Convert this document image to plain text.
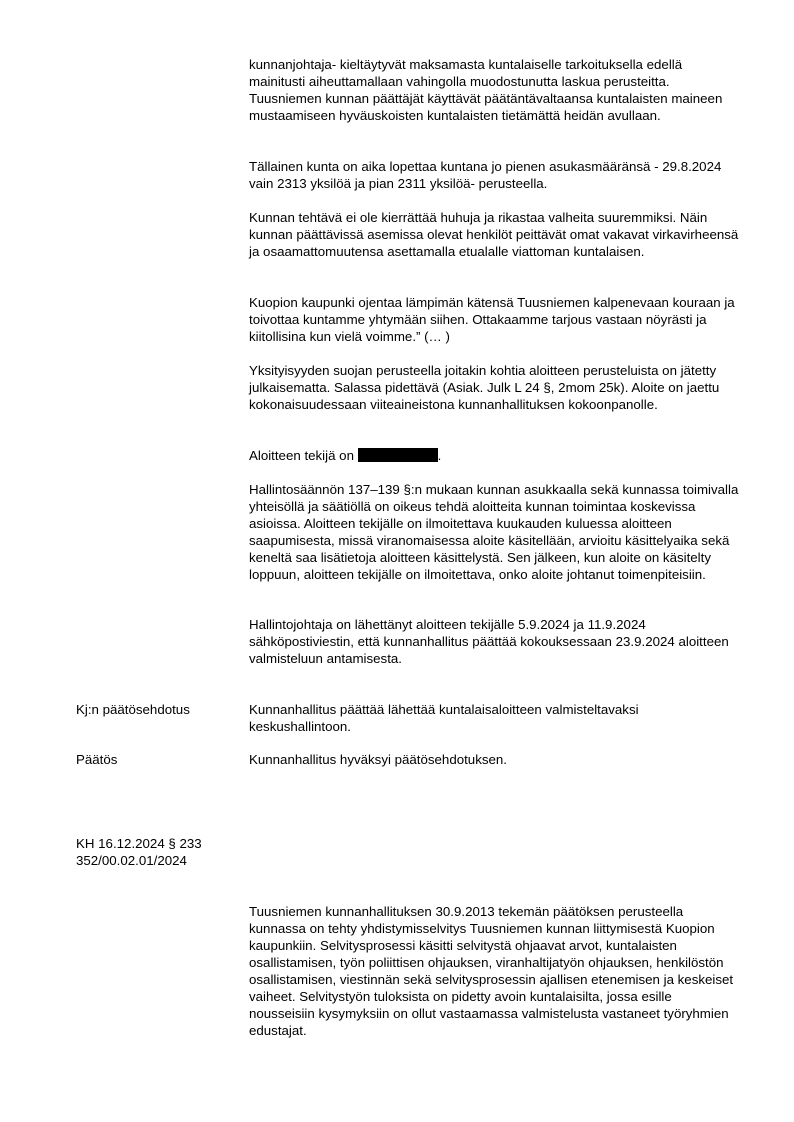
kunnanjohtaja- kieltäytyvät maksamasta kuntalaiselle tarkoituksella edellä mainitusti aiheuttamallaan vahingolla muodostunutta laskua perusteitta. Tuusniemen kunnan päättäjät käyttävät päätäntävaltaansa kuntalaisten maineen mustaamiseen hyväuskoisten kuntalaisten tietämättä heidän avullaan.

Tällainen kunta on aika lopettaa kuntana jo pienen asukasmääränsä - 29.8.2024 vain 2313 yksilöä ja pian 2311 yksilöä- perusteella.

Kunnan tehtävä ei ole kierrättää huhuja ja rikastaa valheita suuremmiksi. Näin kunnan päättävissä asemissa olevat henkilöt peittävät omat vakavat virkavirheensä ja osaamattomuutensa asettamalla etualalle viattoman kuntalaisen.

Kuopion kaupunki ojentaa lämpimän kätensä Tuusniemen kalpenevaan kouraan ja toivottaa kuntamme yhtymään siihen. Ottakaamme tarjous vastaan nöyrästi ja kiitollisina kun vielä voimme.” (… )

Yksityisyyden suojan perusteella joitakin kohtia aloitteen perusteluista on jätetty julkaisematta. Salassa pidettävä (Asiak. Julk L 24 §, 2mom 25k). Aloite on jaettu kokonaisuudessaan viiteaineistona kunnanhallituksen kokoonpanolle.

Aloitteen tekijä on	.

Hallintosäännön 137–139 §:n mukaan kunnan asukkaalla sekä kunnassa toimivalla yhteisöllä ja säätiöllä on oikeus tehdä aloitteita kunnan toimintaa koskevissa asioissa. Aloitteen tekijälle on ilmoitettava kuukauden kuluessa aloitteen saapumisesta, missä viranomaisessa aloite käsitellään, arvioitu käsittelyaika sekä keneltä saa lisätietoja aloitteen käsittelystä. Sen jälkeen, kun aloite on käsitelty loppuun, aloitteen tekijälle on ilmoitettava, onko aloite johtanut toimenpiteisiin.

Hallintojohtaja on lähettänyt aloitteen tekijälle 5.9.2024 ja 11.9.2024 sähköpostiviestin, että kunnanhallitus päättää kokouksessaan 23.9.2024 aloitteen valmisteluun antamisesta.

Kj:n päätösehdotus	Kunnanhallitus päättää lähettää kuntalaisaloitteen valmisteltavaksi keskushallintoon.

Päätös	Kunnanhallitus hyväksyi päätösehdotuksen.

KH 16.12.2024 § 233
352/00.02.01/2024

Tuusniemen kunnanhallituksen 30.9.2013 tekemän päätöksen perusteella kunnassa on tehty yhdistymisselvitys Tuusniemen kunnan liittymisestä Kuopion kaupunkiin. Selvitysprosessi käsitti selvitystä ohjaavat arvot, kuntalaisten osallistamisen, työn poliittisen ohjauksen, viranhaltijatyön ohjauksen, henkilöstön osallistamisen, viestinnän sekä selvitysprosessin ajallisen etenemisen ja keskeiset vaiheet. Selvitystyön tuloksista on pidetty avoin kuntalaisilta, jossa esille nousseisiin kysymyksiin on ollut vastaamassa valmistelusta vastaneet työryhmien edustajat.
